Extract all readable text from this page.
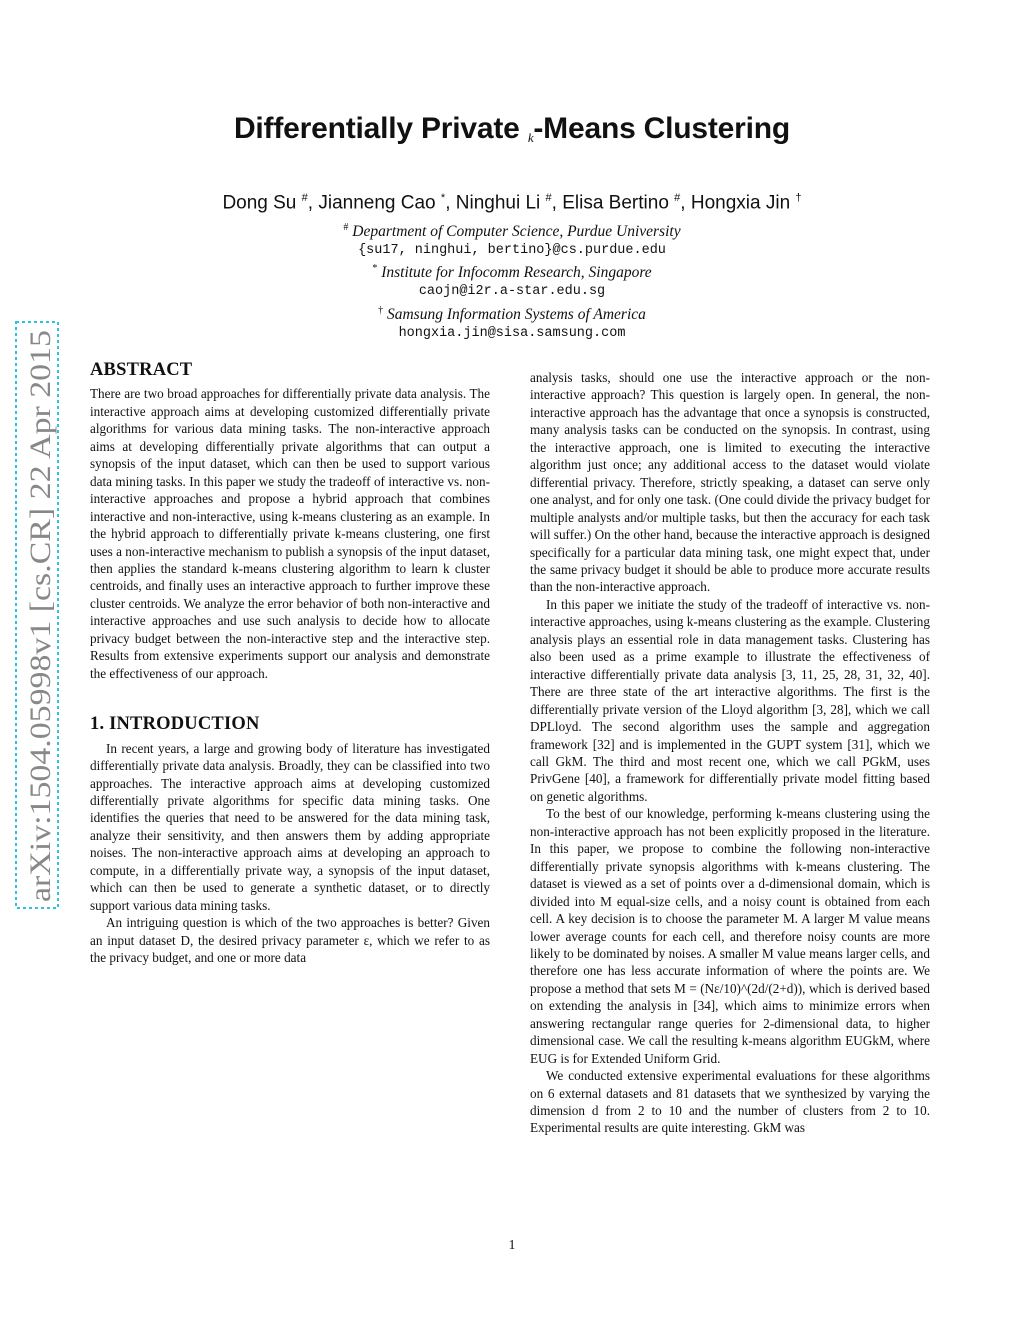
arXiv:1504.05998v1 [cs.CR] 22 Apr 2015
Differentially Private k-Means Clustering
Dong Su #, Jianneng Cao *, Ninghui Li #, Elisa Bertino #, Hongxia Jin †
# Department of Computer Science, Purdue University
{su17, ninghui, bertino}@cs.purdue.edu
* Institute for Infocomm Research, Singapore
caojn@i2r.a-star.edu.sg
† Samsung Information Systems of America
hongxia.jin@sisa.samsung.com
ABSTRACT

There are two broad approaches for differentially private data analysis. The interactive approach aims at developing customized differentially private algorithms for various data mining tasks. The non-interactive approach aims at developing differentially private algorithms that can output a synopsis of the input dataset, which can then be used to support various data mining tasks. In this paper we study the tradeoff of interactive vs. non-interactive approaches and propose a hybrid approach that combines interactive and non-interactive, using k-means clustering as an example. In the hybrid approach to differentially private k-means clustering, one first uses a non-interactive mechanism to publish a synopsis of the input dataset, then applies the standard k-means clustering algorithm to learn k cluster centroids, and finally uses an interactive approach to further improve these cluster centroids. We analyze the error behavior of both non-interactive and interactive approaches and use such analysis to decide how to allocate privacy budget between the non-interactive step and the interactive step. Results from extensive experiments support our analysis and demonstrate the effectiveness of our approach.

1. INTRODUCTION

In recent years, a large and growing body of literature has investigated differentially private data analysis. Broadly, they can be classified into two approaches. The interactive approach aims at developing customized differentially private algorithms for specific data mining tasks. One identifies the queries that need to be answered for the data mining task, analyze their sensitivity, and then answers them by adding appropriate noises. The non-interactive approach aims at developing an approach to compute, in a differentially private way, a synopsis of the input dataset, which can then be used to generate a synthetic dataset, or to directly support various data mining tasks.

An intriguing question is which of the two approaches is better? Given an input dataset D, the desired privacy parameter ε, which we refer to as the privacy budget, and one or more data

analysis tasks, should one use the interactive approach or the non-interactive approach? This question is largely open. In general, the non-interactive approach has the advantage that once a synopsis is constructed, many analysis tasks can be conducted on the synopsis. In contrast, using the interactive approach, one is limited to executing the interactive algorithm just once; any additional access to the dataset would violate differential privacy. Therefore, strictly speaking, a dataset can serve only one analyst, and for only one task. (One could divide the privacy budget for multiple analysts and/or multiple tasks, but then the accuracy for each task will suffer.) On the other hand, because the interactive approach is designed specifically for a particular data mining task, one might expect that, under the same privacy budget it should be able to produce more accurate results than the non-interactive approach.

In this paper we initiate the study of the tradeoff of interactive vs. non-interactive approaches, using k-means clustering as the example. Clustering analysis plays an essential role in data management tasks. Clustering has also been used as a prime example to illustrate the effectiveness of interactive differentially private data analysis [3, 11, 25, 28, 31, 32, 40]. There are three state of the art interactive algorithms. The first is the differentially private version of the Lloyd algorithm [3, 28], which we call DPLloyd. The second algorithm uses the sample and aggregation framework [32] and is implemented in the GUPT system [31], which we call GkM. The third and most recent one, which we call PGkM, uses PrivGene [40], a framework for differentially private model fitting based on genetic algorithms.

To the best of our knowledge, performing k-means clustering using the non-interactive approach has not been explicitly proposed in the literature. In this paper, we propose to combine the following non-interactive differentially private synopsis algorithms with k-means clustering. The dataset is viewed as a set of points over a d-dimensional domain, which is divided into M equal-size cells, and a noisy count is obtained from each cell. A key decision is to choose the parameter M. A larger M value means lower average counts for each cell, and therefore noisy counts are more likely to be dominated by noises. A smaller M value means larger cells, and therefore one has less accurate information of where the points are. We propose a method that sets M = (Nε/10)^(2d/(2+d)), which is derived based on extending the analysis in [34], which aims to minimize errors when answering rectangular range queries for 2-dimensional data, to higher dimensional case. We call the resulting k-means algorithm EUGkM, where EUG is for Extended Uniform Grid.

We conducted extensive experimental evaluations for these algorithms on 6 external datasets and 81 datasets that we synthesized by varying the dimension d from 2 to 10 and the number of clusters from 2 to 10. Experimental results are quite interesting. GkM was

1
